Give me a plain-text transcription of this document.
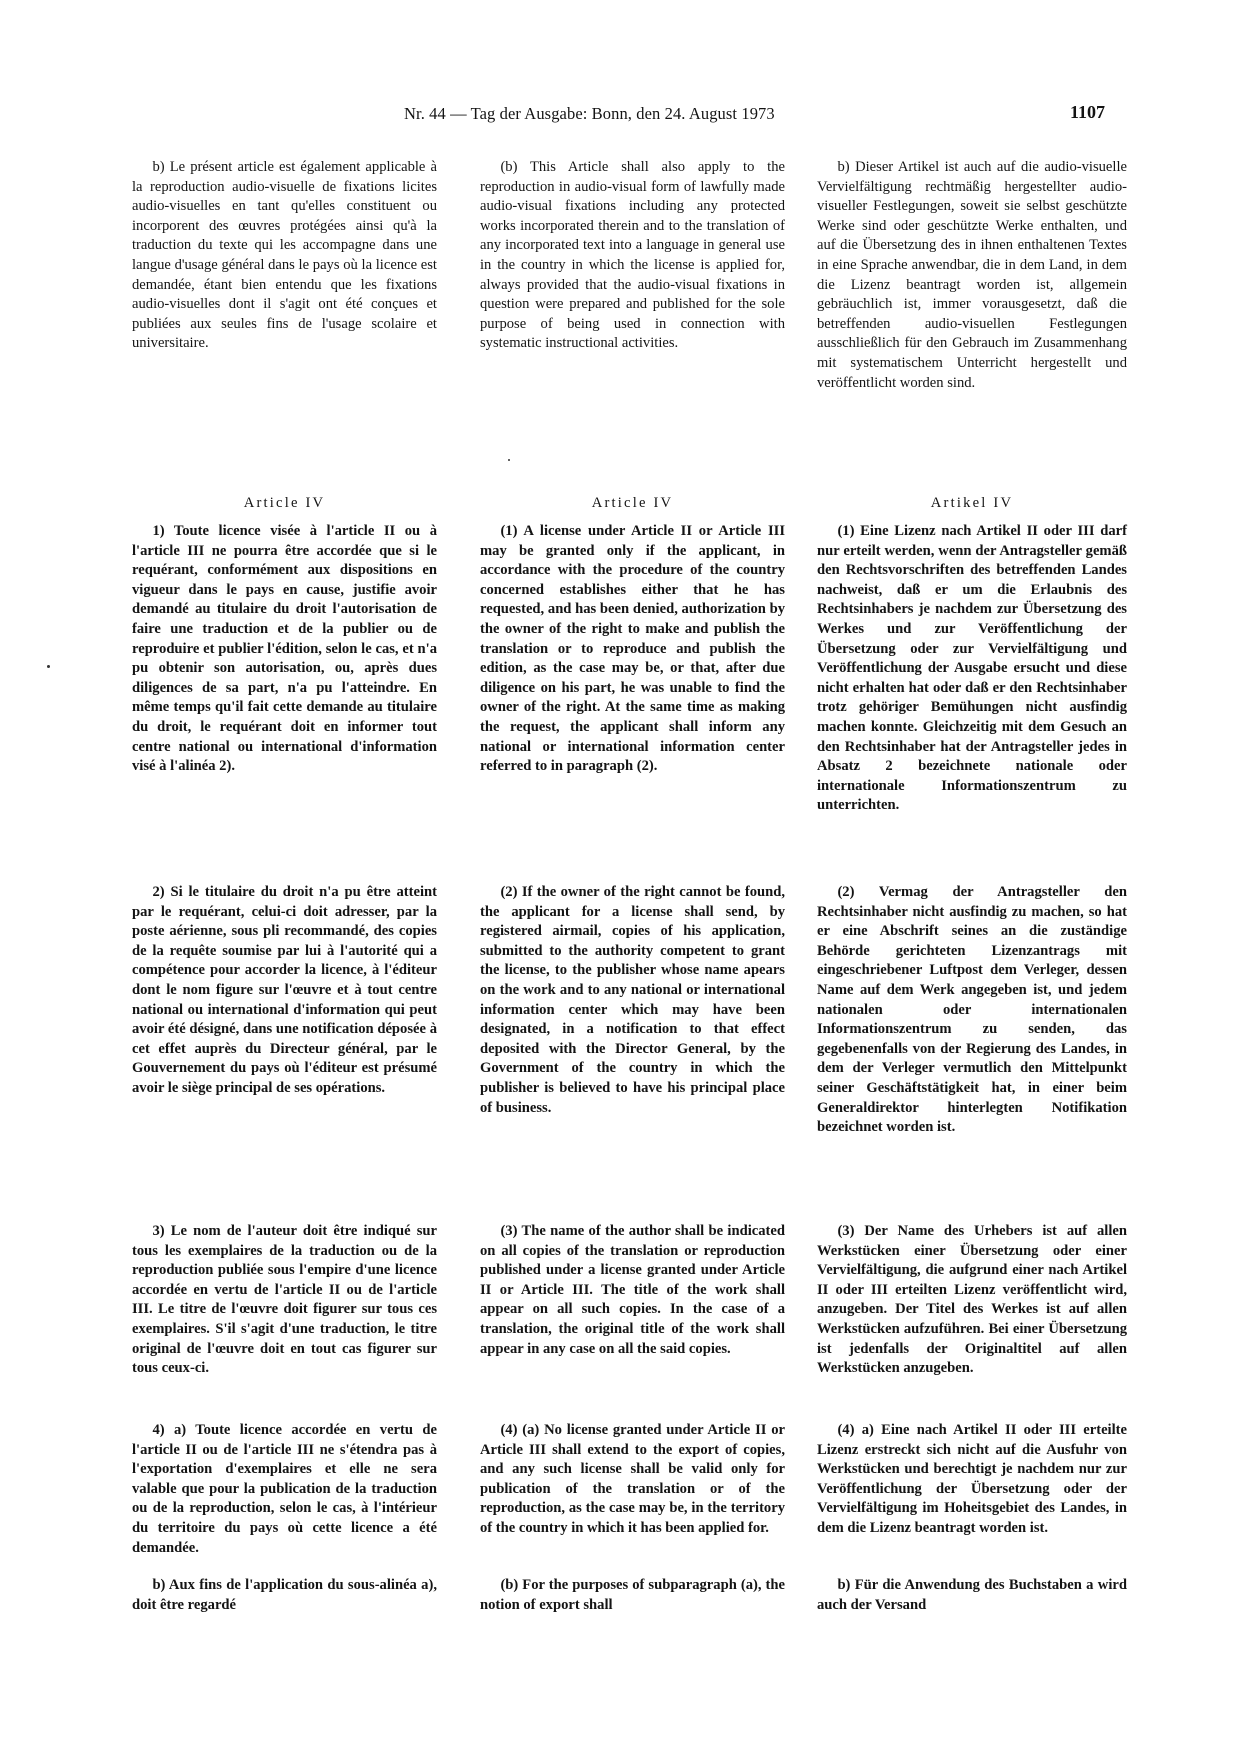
Nr. 44 — Tag der Ausgabe: Bonn, den 24. August 1973	1107

b) Le présent article est également applicable à la reproduction audio-visuelle de fixations licites audio-visuelles en tant qu'elles constituent ou incorporent des œuvres protégées ainsi qu'à la traduction du texte qui les accompagne dans une langue d'usage général dans le pays où la licence est demandée, étant bien entendu que les fixations audio-visuelles dont il s'agit ont été conçues et publiées aux seules fins de l'usage scolaire et universitaire.

Article IV

1) Toute licence visée à l'article II ou à l'article III ne pourra être accordée que si le requérant, conformément aux dispositions en vigueur dans le pays en cause, justifie avoir demandé au titulaire du droit l'autorisation de faire une traduction et de la publier ou de reproduire et publier l'édition, selon le cas, et n'a pu obtenir son autorisation, ou, après dues diligences de sa part, n'a pu l'atteindre. En même temps qu'il fait cette demande au titulaire du droit, le requérant doit en informer tout centre national ou international d'information visé à l'alinéa 2).

2) Si le titulaire du droit n'a pu être atteint par le requérant, celui-ci doit adresser, par la poste aérienne, sous pli recommandé, des copies de la requête soumise par lui à l'autorité qui a compétence pour accorder la licence, à l'éditeur dont le nom figure sur l'œuvre et à tout centre national ou international d'information qui peut avoir été désigné, dans une notification déposée à cet effet auprès du Directeur général, par le Gouvernement du pays où l'éditeur est présumé avoir le siège principal de ses opérations.

3) Le nom de l'auteur doit être indiqué sur tous les exemplaires de la traduction ou de la reproduction publiée sous l'empire d'une licence accordée en vertu de l'article II ou de l'article III. Le titre de l'œuvre doit figurer sur tous ces exemplaires. S'il s'agit d'une traduction, le titre original de l'œuvre doit en tout cas figurer sur tous ceux-ci.

4) a) Toute licence accordée en vertu de l'article II ou de l'article III ne s'étendra pas à l'exportation d'exemplaires et elle ne sera valable que pour la publication de la traduction ou de la reproduction, selon le cas, à l'intérieur du territoire du pays où cette licence a été demandée.

b) Aux fins de l'application du sous-alinéa a), doit être regardé

(b) This Article shall also apply to the reproduction in audio-visual form of lawfully made audio-visual fixations including any protected works incorporated therein and to the translation of any incorporated text into a language in general use in the country in which the license is applied for, always provided that the audio-visual fixations in question were prepared and published for the sole purpose of being used in connection with systematic instructional activities.

Article IV

(1) A license under Article II or Article III may be granted only if the applicant, in accordance with the procedure of the country concerned establishes either that he has requested, and has been denied, authorization by the owner of the right to make and publish the translation or to reproduce and publish the edition, as the case may be, or that, after due diligence on his part, he was unable to find the owner of the right. At the same time as making the request, the applicant shall inform any national or international information center referred to in paragraph (2).

(2) If the owner of the right cannot be found, the applicant for a license shall send, by registered airmail, copies of his application, submitted to the authority competent to grant the license, to the publisher whose name apears on the work and to any national or international information center which may have been designated, in a notification to that effect deposited with the Director General, by the Government of the country in which the publisher is believed to have his principal place of business.

(3) The name of the author shall be indicated on all copies of the translation or reproduction published under a license granted under Article II or Article III. The title of the work shall appear on all such copies. In the case of a translation, the original title of the work shall appear in any case on all the said copies.

(4) (a) No license granted under Article II or Article III shall extend to the export of copies, and any such license shall be valid only for publication of the translation or of the reproduction, as the case may be, in the territory of the country in which it has been applied for.

(b) For the purposes of subparagraph (a), the notion of export shall

b) Dieser Artikel ist auch auf die audio-visuelle Vervielfältigung rechtmäßig hergestellter audio-visueller Festlegungen, soweit sie selbst geschützte Werke sind oder geschützte Werke enthalten, und auf die Übersetzung des in ihnen enthaltenen Textes in eine Sprache anwendbar, die in dem Land, in dem die Lizenz beantragt worden ist, allgemein gebräuchlich ist, immer vorausgesetzt, daß die betreffenden audio-visuellen Festlegungen ausschließlich für den Gebrauch im Zusammenhang mit systematischem Unterricht hergestellt und veröffentlicht worden sind.

Artikel IV

(1) Eine Lizenz nach Artikel II oder III darf nur erteilt werden, wenn der Antragsteller gemäß den Rechtsvorschriften des betreffenden Landes nachweist, daß er um die Erlaubnis des Rechtsinhabers je nachdem zur Übersetzung des Werkes und zur Veröffentlichung der Übersetzung oder zur Vervielfältigung und Veröffentlichung der Ausgabe ersucht und diese nicht erhalten hat oder daß er den Rechtsinhaber trotz gehöriger Bemühungen nicht ausfindig machen konnte. Gleichzeitig mit dem Gesuch an den Rechtsinhaber hat der Antragsteller jedes in Absatz 2 bezeichnete nationale oder internationale Informationszentrum zu unterrichten.

(2) Vermag der Antragsteller den Rechtsinhaber nicht ausfindig zu machen, so hat er eine Abschrift seines an die zuständige Behörde gerichteten Lizenzantrags mit eingeschriebener Luftpost dem Verleger, dessen Name auf dem Werk angegeben ist, und jedem nationalen oder internationalen Informationszentrum zu senden, das gegebenenfalls von der Regierung des Landes, in dem der Verleger vermutlich den Mittelpunkt seiner Geschäftstätigkeit hat, in einer beim Generaldirektor hinterlegten Notifikation bezeichnet worden ist.

(3) Der Name des Urhebers ist auf allen Werkstücken einer Übersetzung oder einer Vervielfältigung, die aufgrund einer nach Artikel II oder III erteilten Lizenz veröffentlicht wird, anzugeben. Der Titel des Werkes ist auf allen Werkstücken aufzuführen. Bei einer Übersetzung ist jedenfalls der Originaltitel auf allen Werkstücken anzugeben.

(4) a) Eine nach Artikel II oder III erteilte Lizenz erstreckt sich nicht auf die Ausfuhr von Werkstücken und berechtigt je nachdem nur zur Veröffentlichung der Übersetzung oder der Vervielfältigung im Hoheitsgebiet des Landes, in dem die Lizenz beantragt worden ist.

b) Für die Anwendung des Buchstaben a wird auch der Versand
